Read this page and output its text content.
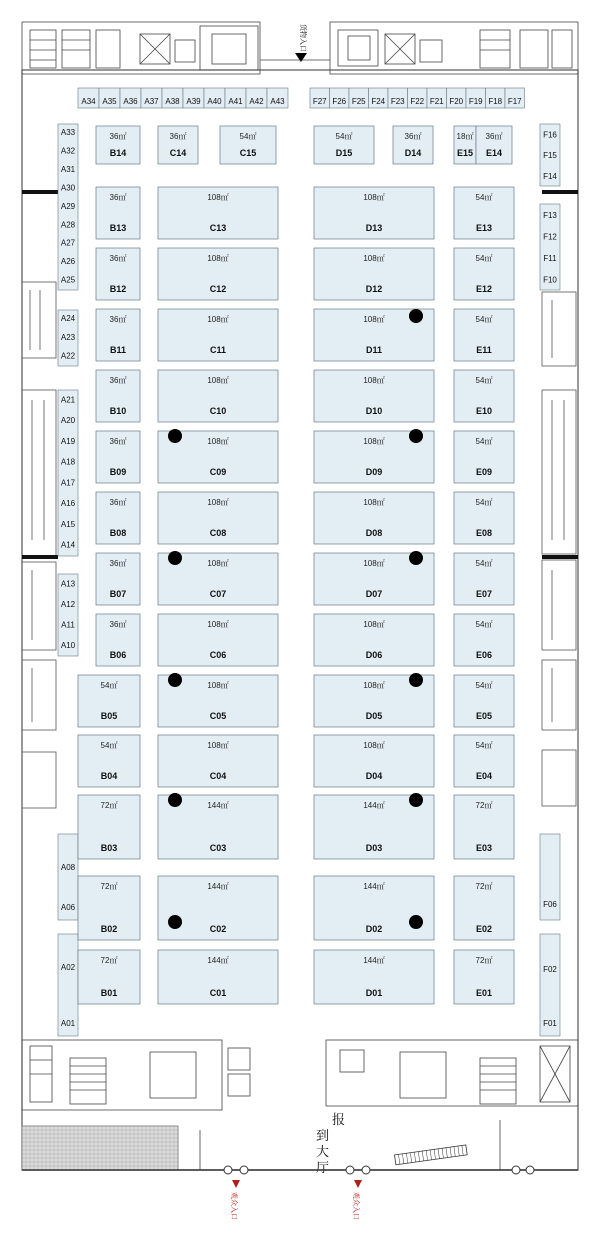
货物入口
A34 A35 A36 A37 A38 A39 A40 A41 A42 A43	F27 F26 F25 F24 F23 F22 F21 F20 F19 F18 F17
A33
A32
A31
A30
A29
A28
A27
A26
A25
A24
A23
A22
A21
A20
A19
A18
A17
A16
A15
A14
A13
A12
A11
A10
A08
A06
A02
A01
F16
F15
F14
F13
F12
F11
F10
F06
F02
F01
36㎡
B14
36㎡
C14
54㎡
C15
54㎡
D15
36㎡
D14
18㎡
E15
36㎡
E14
36㎡
B13
108㎡
C13
108㎡
D13
54㎡
E13
36㎡
B12
108㎡
C12
108㎡
D12
54㎡
E12
36㎡
B11
108㎡
C11
108㎡
D11
54㎡
E11
36㎡
B10
108㎡
C10
108㎡
D10
54㎡
E10
36㎡
B09
108㎡
C09
108㎡
D09
54㎡
E09
36㎡
B08
108㎡
C08
108㎡
D08
54㎡
E08
36㎡
B07
108㎡
C07
108㎡
D07
54㎡
E07
36㎡
B06
108㎡
C06
108㎡
D06
54㎡
E06
54㎡
B05
108㎡
C05
108㎡
D05
54㎡
E05
54㎡
B04
108㎡
C04
108㎡
D04
54㎡
E04
72㎡
B03
144㎡
C03
144㎡
D03
72㎡
E03
72㎡
B02
144㎡
C02
144㎡
D02
72㎡
E02
72㎡
B01
144㎡
C01
144㎡
D01
72㎡
E01
报
到大厅
观众入口	观众入口
